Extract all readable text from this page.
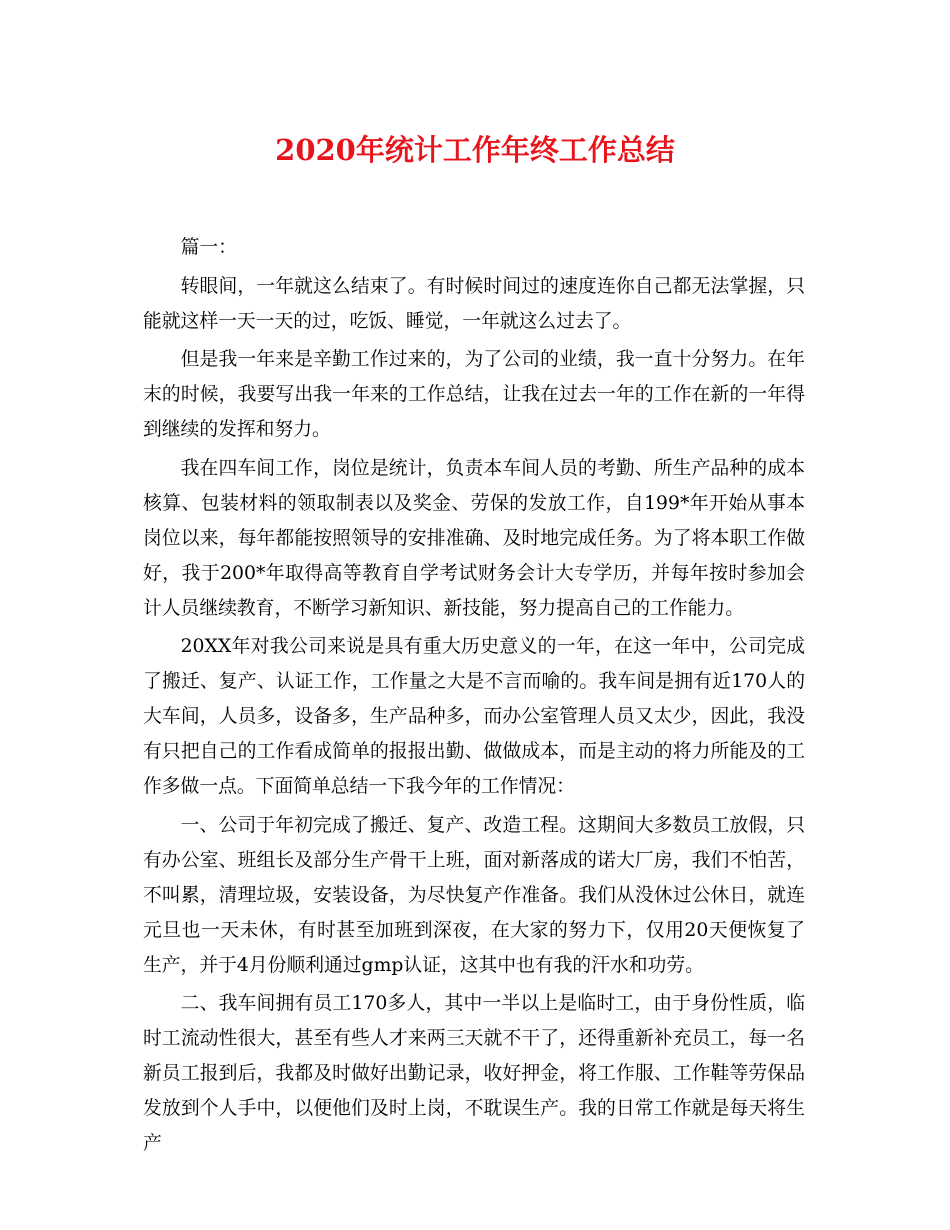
2020年统计工作年终工作总结

篇一：

转眼间，一年就这么结束了。有时候时间过的速度连你自己都无法掌握，只能就这样一天一天的过，吃饭、睡觉，一年就这么过去了。

但是我一年来是辛勤工作过来的，为了公司的业绩，我一直十分努力。在年末的时候，我要写出我一年来的工作总结，让我在过去一年的工作在新的一年得到继续的发挥和努力。

我在四车间工作，岗位是统计，负责本车间人员的考勤、所生产品种的成本核算、包装材料的领取制表以及奖金、劳保的发放工作，自199*年开始从事本岗位以来，每年都能按照领导的安排准确、及时地完成任务。为了将本职工作做好，我于200*年取得高等教育自学考试财务会计大专学历，并每年按时参加会计人员继续教育，不断学习新知识、新技能，努力提高自己的工作能力。

20XX年对我公司来说是具有重大历史意义的一年，在这一年中，公司完成了搬迁、复产、认证工作，工作量之大是不言而喻的。我车间是拥有近170人的大车间，人员多，设备多，生产品种多，而办公室管理人员又太少，因此，我没有只把自己的工作看成简单的报报出勤、做做成本，而是主动的将力所能及的工作多做一点。下面简单总结一下我今年的工作情况：

一、公司于年初完成了搬迁、复产、改造工程。这期间大多数员工放假，只有办公室、班组长及部分生产骨干上班，面对新落成的诺大厂房，我们不怕苦，不叫累，清理垃圾，安装设备，为尽快复产作准备。我们从没休过公休日，就连元旦也一天未休，有时甚至加班到深夜，在大家的努力下，仅用20天便恢复了生产，并于4月份顺利通过gmp认证，这其中也有我的汗水和功劳。

二、我车间拥有员工170多人，其中一半以上是临时工，由于身份性质，临时工流动性很大，甚至有些人才来两三天就不干了，还得重新补充员工，每一名新员工报到后，我都及时做好出勤记录，收好押金，将工作服、工作鞋等劳保品发放到个人手中，以便他们及时上岗，不耽误生产。我的日常工作就是每天将生产
